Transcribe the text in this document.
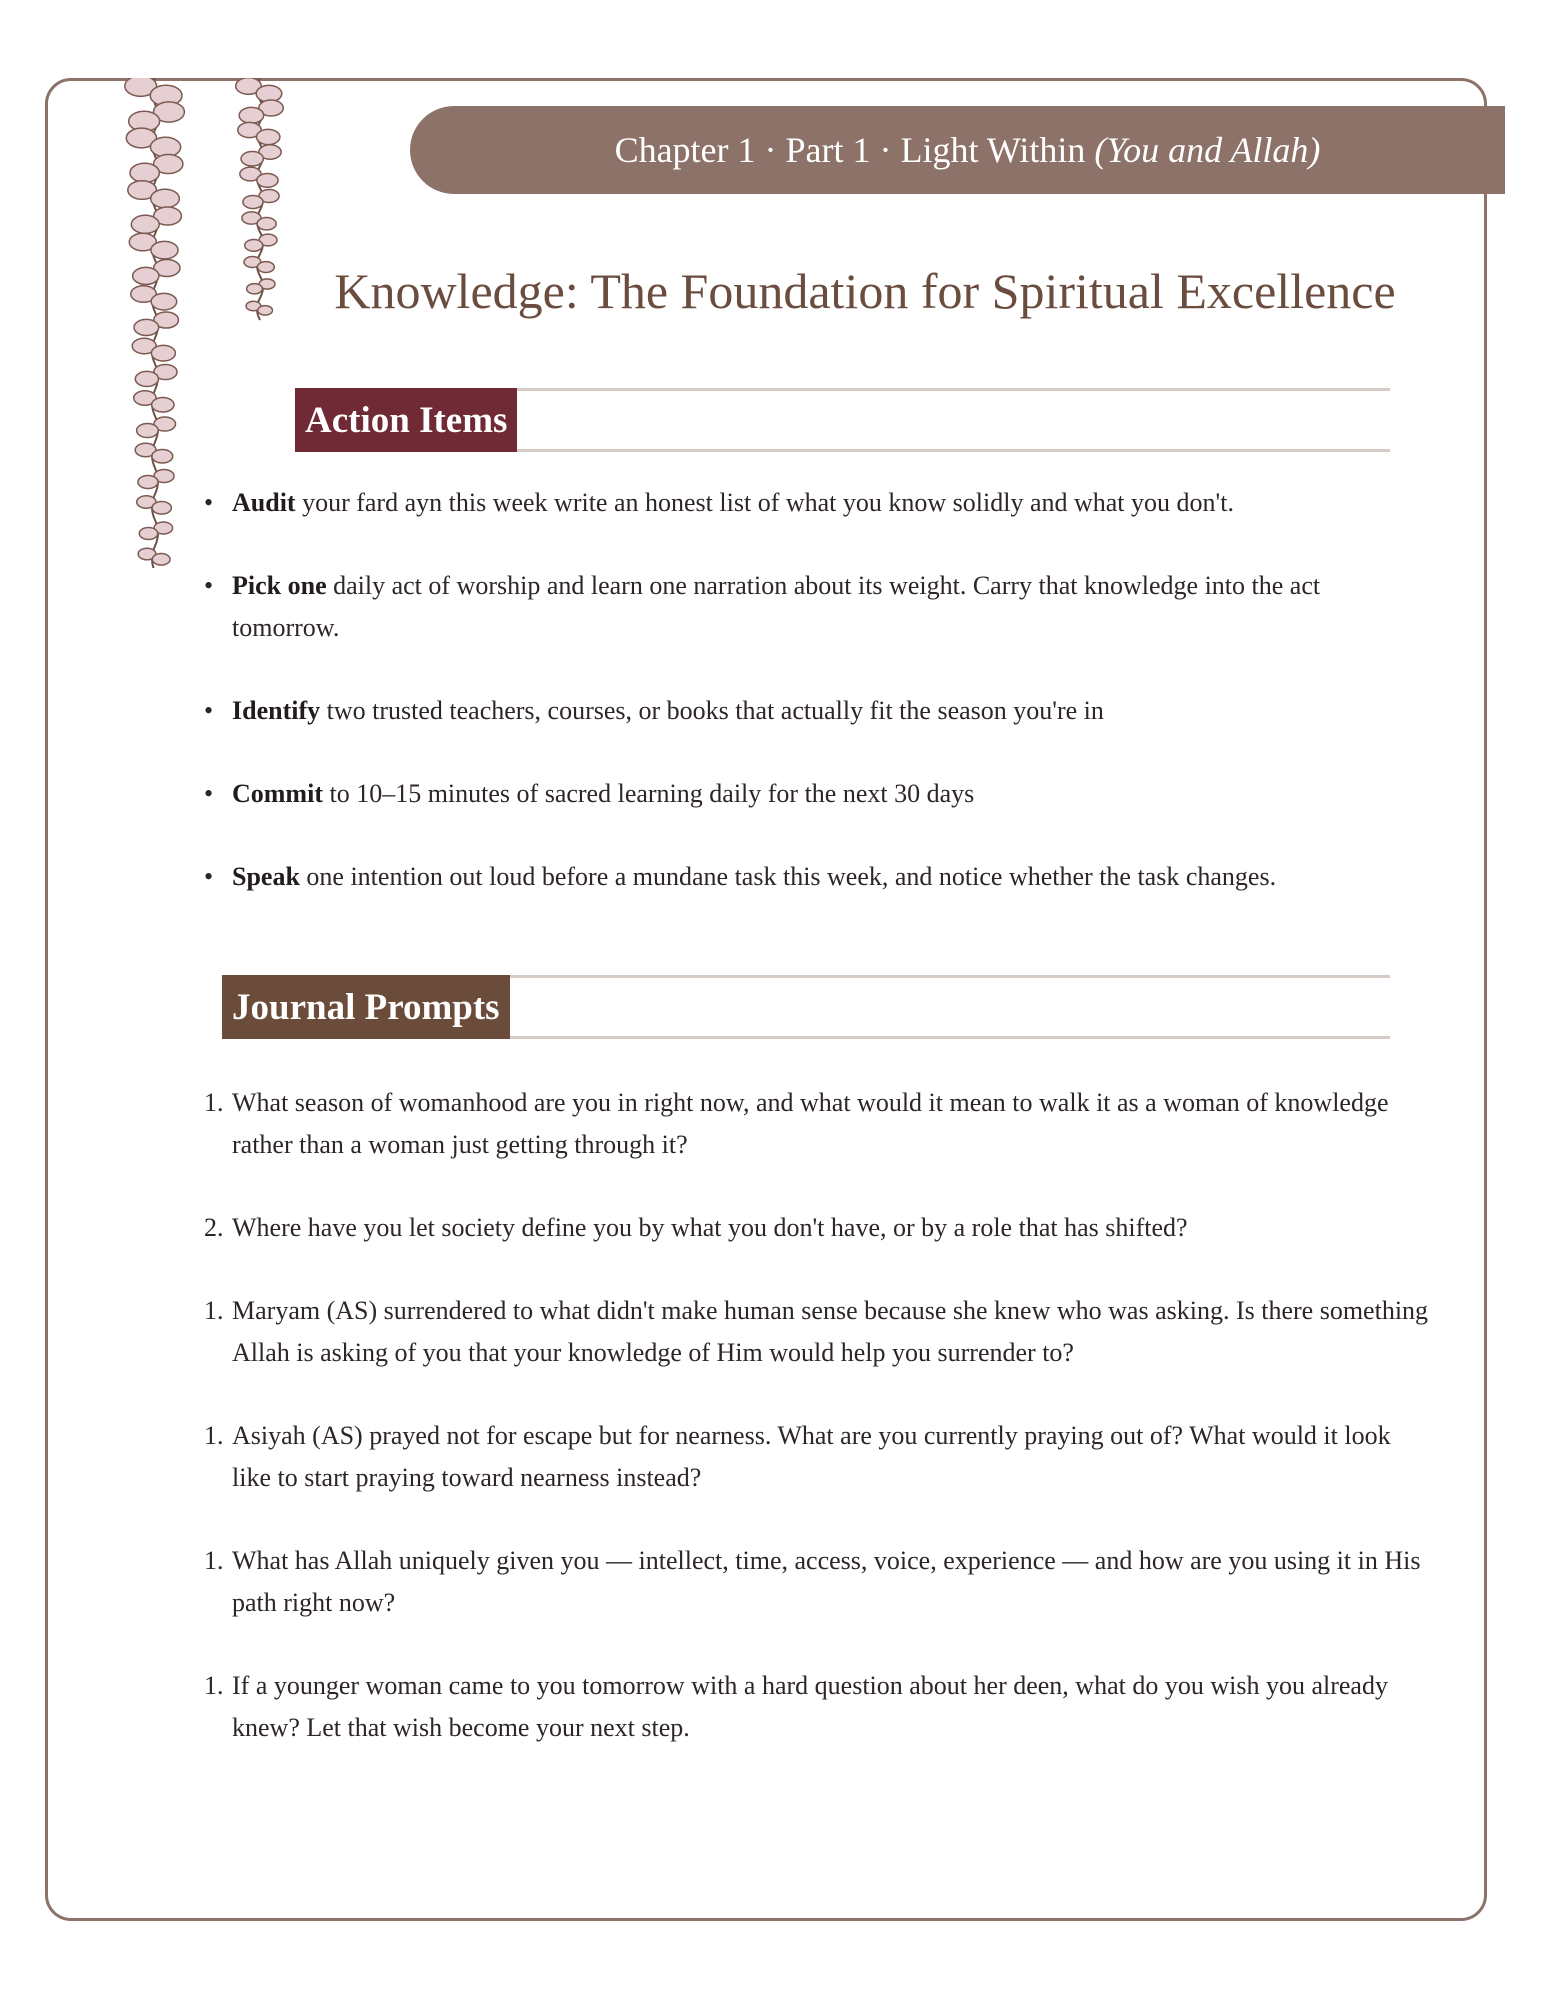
Chapter 1 · Part 1 · Light Within (You and Allah)
Knowledge: The Foundation for Spiritual Excellence
Action Items
• Audit your fard ayn this week write an honest list of what you know solidly and what you don't.
• Pick one daily act of worship and learn one narration about its weight. Carry that knowledge into the act tomorrow.
• Identify two trusted teachers, courses, or books that actually fit the season you're in
• Commit to 10–15 minutes of sacred learning daily for the next 30 days
• Speak one intention out loud before a mundane task this week, and notice whether the task changes.
Journal Prompts
1. What season of womanhood are you in right now, and what would it mean to walk it as a woman of knowledge rather than a woman just getting through it?
2. Where have you let society define you by what you don't have, or by a role that has shifted?
1. Maryam (AS) surrendered to what didn't make human sense because she knew who was asking. Is there something Allah is asking of you that your knowledge of Him would help you surrender to?
1. Asiyah (AS) prayed not for escape but for nearness. What are you currently praying out of? What would it look like to start praying toward nearness instead?
1. What has Allah uniquely given you — intellect, time, access, voice, experience — and how are you using it in His path right now?
1. If a younger woman came to you tomorrow with a hard question about her deen, what do you wish you already knew? Let that wish become your next step.
